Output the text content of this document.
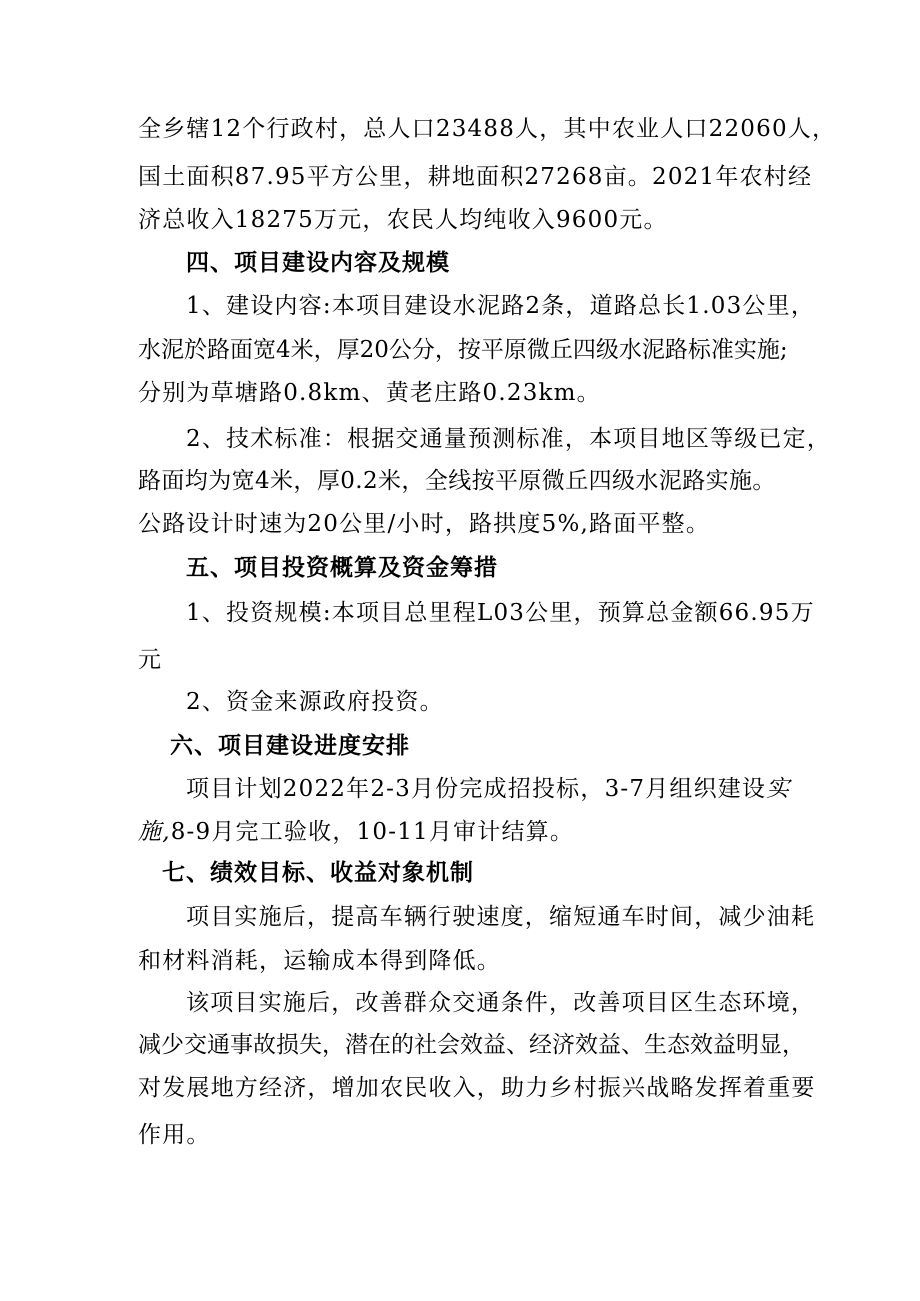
全乡辖12个行政村，总人口23488人，其中农业人口22060人，
国土面积87.95平方公里，耕地面积27268亩。2021年农村经
济总收入18275万元，农民人均纯收入9600元。
四、项目建设内容及规模
1、建设内容:本项目建设水泥路2条，道路总长1.03公里，
水泥於路面宽4米，厚20公分，按平原微丘四级水泥路标准实施;
分别为草塘路0.8km、黄老庄路0.23km。
2、技术标准：根据交通量预测标准，本项目地区等级已定，
路面均为宽4米，厚0.2米，全线按平原微丘四级水泥路实施。
公路设计时速为20公里/小时，路拱度5%,路面平整。
五、项目投资概算及资金筹措
1、投资规模:本项目总里程L03公里，预算总金额66.95万
元
2、资金来源政府投资。
六、项目建设进度安排
项目计划2022年2-3月份完成招投标，3-7月组织建设实
施,8-9月完工验收，10-11月审计结算。
七、绩效目标、收益对象机制
项目实施后，提高车辆行驶速度，缩短通车时间，减少油耗
和材料消耗，运输成本得到降低。
该项目实施后，改善群众交通条件，改善项目区生态环境，
减少交通事故损失，潜在的社会效益、经济效益、生态效益明显，
对发展地方经济，增加农民收入，助力乡村振兴战略发挥着重要
作用。
